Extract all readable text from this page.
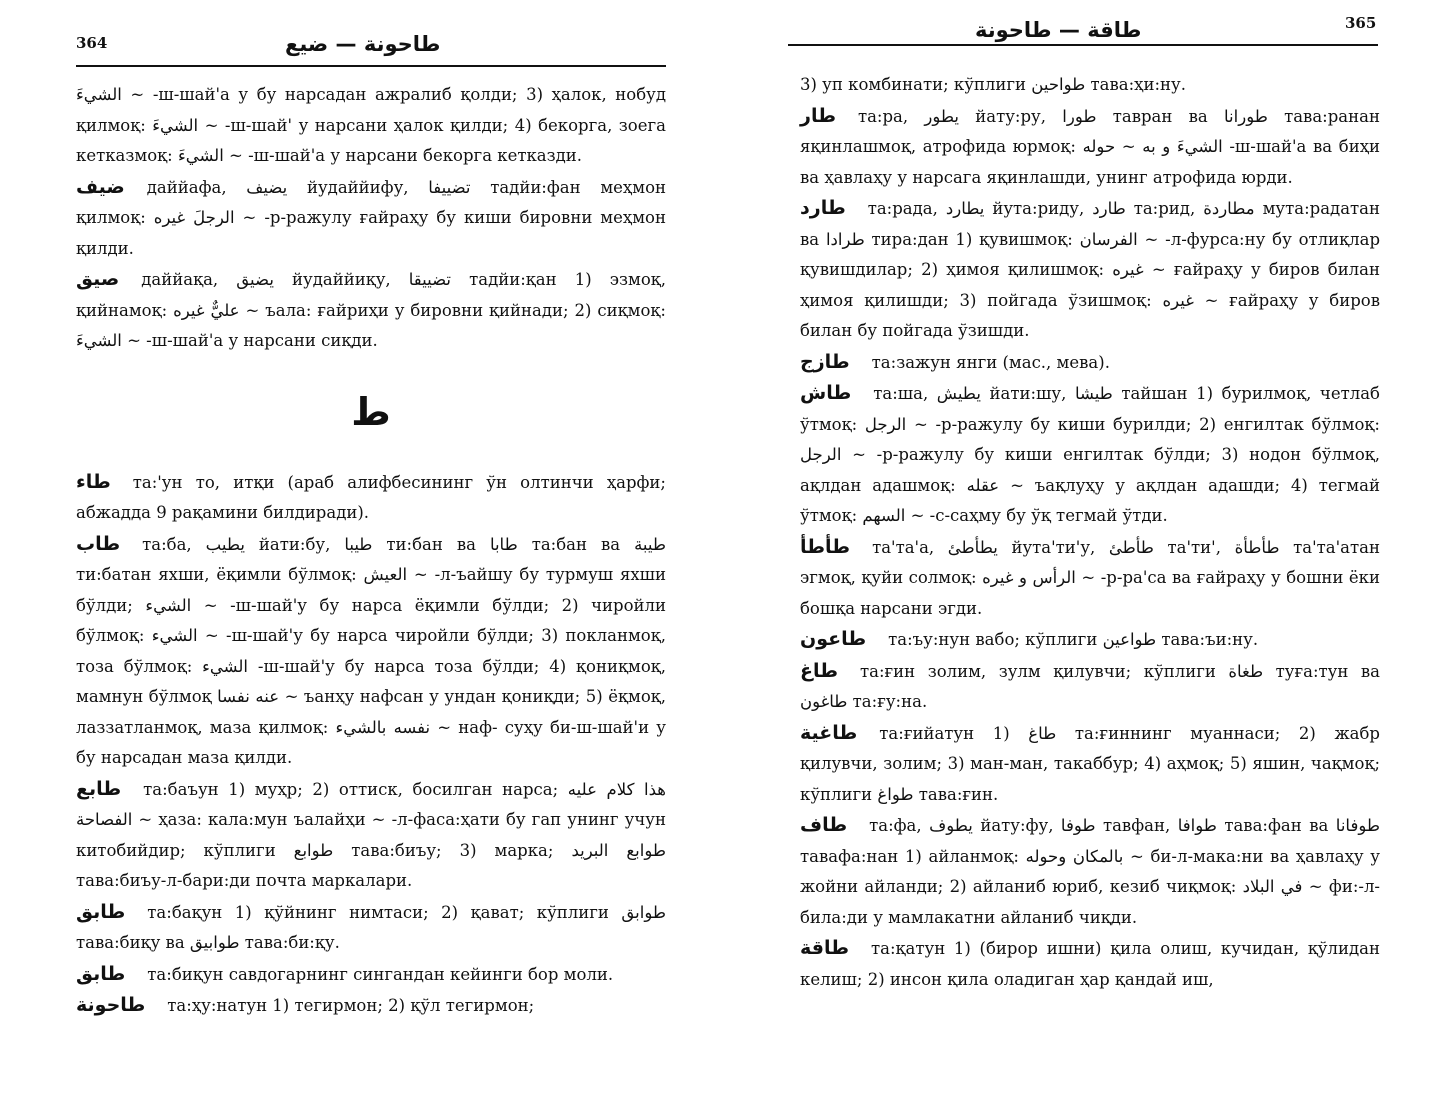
364	طاحونة — ضيع
الشيءَ ~ -ш-шай'а у бу нарсадан ажралиб қолди; 3) ҳалок, нобуд қилмоқ: الشيءَ ~ -ш-шай' у нарсани ҳалок қилди; 4) бекорга, зоега кетказмоқ: الشيءَ ~ -ш-шай'а у нарсани бекорга кетказди.
ضيف даййафа, يضيف йудаййифу, تضييفا тадйи:фан меҳмон қилмоқ: الرجلَ غيره ~ -р-ражулу ғайраҳу бу киши бировни меҳмон қилди.
صيق даййақа, يضيق йудаййиқу, تضييقا тадйи:қан 1) эзмоқ, қийнамоқ: عليٌّ غيره ~ ъала: ғайриҳи у бировни қийнади; 2) сиқмоқ: الشيءَ ~ -ш-шай'а у нарсани сиқди.
ط
طاء та:'ун то, итқи (араб алифбесининг ўн олтинчи ҳарфи; абжадда 9 рақамини билдиради).
طاب та:ба, يطيب йати:бу, طيبا ти:бан ва طابا та:бан ва طيبة ти:батан яхши, ёқимли бўлмоқ: العيش ~ -л-ъайшу бу турмуш яхши бўлди; الشيء ~ -ш-шай'у бу нарса ёқимли бўлди; 2) чиройли бўлмоқ: الشيء ~ -ш-шай'у бу нарса чиройли бўлди; 3) покланмоқ, тоза бўлмоқ: الشيء -ш-шай'у бу нарса тоза бўлди; 4) қониқмоқ, мамнун бўлмоқ عنه نفسا ~ ъанҳу нафсан у ундан қониқди; 5) ёқмоқ, лаззатланмоқ, маза қилмоқ: نفسه بالشيء ~ наф- суҳу би-ш-шай'и у бу нарсадан маза қилди.
طابع та:баъун 1) муҳр; 2) оттиск, босилган нарса; هذا كلام عليه الفصاحة ~ ҳаза: кала:мун ъалайҳи ~ -л-фаса:ҳати бу гап унинг учун китобийдир; кўплиги طوابع тава:биъу; 3) марка; طوابع البريد тава:биъу-л-бари:ди почта маркалари.
طابق та:бақун 1) қўйнинг нимтаси; 2) қават; кўплиги طوابق тава:биқу ва طوابيق тава:би:қу.
طابق та:биқун савдогарнинг сингандан кейинги бор моли.
طاحونة та:ҳу:натун 1) тегирмон; 2) қўл тегирмон;
365
طاقة — طاحونة
3) уп комбинати; кўплиги طواحين тава:ҳи:ну.
طار та:ра, يطور йату:ру, طورا тавран ва طورانا тава:ранан яқинлашмоқ, атрофида юрмоқ: الشيءَ و به ~ حوله -ш-шай'а ва биҳи ва ҳавлаҳу у нарсага яқинлашди, унинг атрофида юрди.
طارد та:рада, يطارد йута:риду, طارد та:рид, مطاردة мута:радатан ва طرادا тира:дан 1) қувишмоқ: الفرسان ~ -л-фурса:ну бу отлиқлар қувишдилар; 2) ҳимоя қилишмоқ: غيره ~ ғайраҳу у биров билан ҳимоя қилишди; 3) пойгада ўзишмоқ: غيره ~ ғайраҳу у биров билан бу пойгада ўзишди.
طازج та:зажун янги (мас., мева).
طاش та:ша, يطيش йати:шу, طيشا тайшан 1) бурилмоқ, четлаб ўтмоқ: الرجل ~ -р-ражулу бу киши бурилди; 2) енгилтак бўлмоқ: الرجل ~ -р-ражулу бу киши енгилтак бўлди; 3) нодон бўлмоқ, ақлдан адашмоқ: عقله ~ ъақлуҳу у ақлдан адашди; 4) тегмай ўтмоқ: السهم ~ -с-саҳму бу ўқ тегмай ўтди.
طأطأ та'та'а, يطأطئ йута'ти'у, طأطئ та'ти', طأطأة та'та'атан эгмоқ, қуйи солмоқ: الرأس و غيره ~ -р-ра'са ва ғайраҳу у бошни ёки бошқа нарсани эгди.
طاعون та:ъу:нун вабо; кўплиги طواعين тава:ъи:ну.
طاغ та:ғин золим, зулм қилувчи; кўплиги طغاة туға:тун ва طاغون та:ғу:на.
طاغية та:ғийатун 1) طاغ та:ғиннинг муаннаси; 2) жабр қилувчи, золим; 3) ман-ман, такаббур; 4) аҳмоқ; 5) яшин, чақмоқ; кўплиги طواغ тава:ғин.
طاف та:фа, يطوف йату:фу, طوفا тавфан, طوافا тава:фан ва طوفانا тавафа:нан 1) айланмоқ: بالمكان وحوله ~ би-л-мака:ни ва ҳавлаҳу у жойни айланди; 2) айланиб юриб, кезиб чиқмоқ: في البلاد ~ фи:-л-била:ди у мамлакатни айланиб чиқди.
طاقة та:қатун 1) (бирор ишни) қила олиш, кучидан, қўлидан келиш; 2) инсон қила оладиган ҳар қандай иш,
